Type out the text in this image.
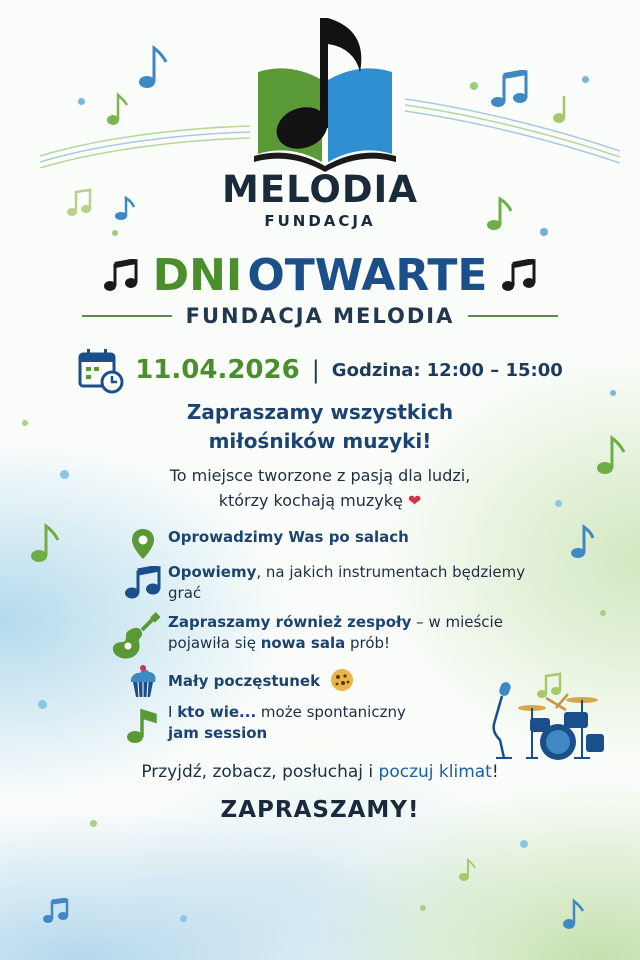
MELODIA
FUNDACJA
DNI OTWARTE
FUNDACJA MELODIA
11.04.2026 | Godzina: 12:00 – 15:00
Zapraszamy wszystkich
miłośników muzyki!
To miejsce tworzone z pasją dla ludzi,
którzy kochają muzykę ❤
Oprowadzimy Was po salach
Opowiemy, na jakich instrumentach będziemy grać
Zapraszamy również zespoły – w mieście pojawiła się nowa sala prób!
Mały poczęstunek
I kto wie... może spontaniczny
jam session
Przyjdź, zobacz, posłuchaj i poczuj klimat!
ZAPRASZAMY!
